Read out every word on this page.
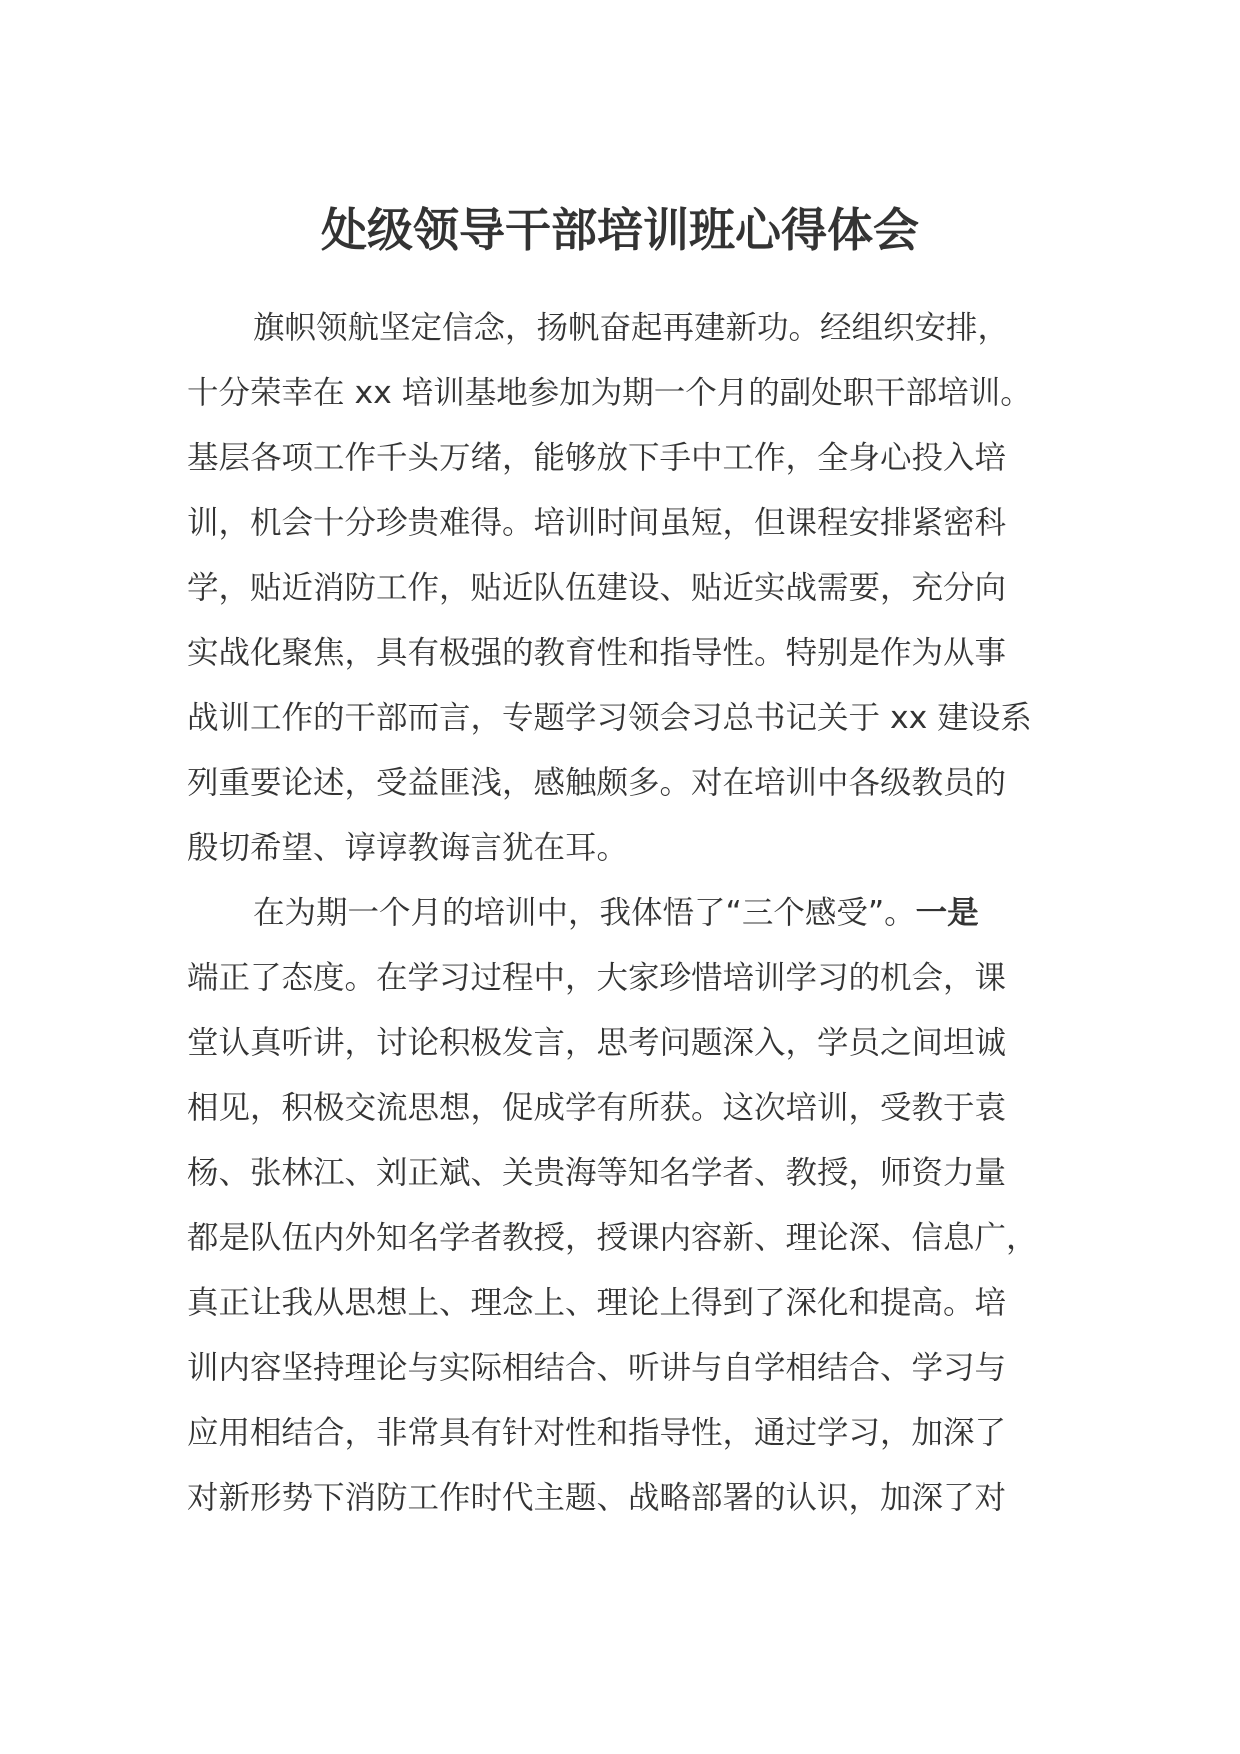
处级领导干部培训班心得体会
旗帜领航坚定信念，扬帆奋起再建新功。经组织安排，
十分荣幸在 xx 培训基地参加为期一个月的副处职干部培训。
基层各项工作千头万绪，能够放下手中工作，全身心投入培
训，机会十分珍贵难得。培训时间虽短，但课程安排紧密科
学，贴近消防工作，贴近队伍建设、贴近实战需要，充分向
实战化聚焦，具有极强的教育性和指导性。特别是作为从事
战训工作的干部而言，专题学习领会习总书记关于 xx 建设系
列重要论述，受益匪浅，感触颇多。对在培训中各级教员的
殷切希望、谆谆教诲言犹在耳。
在为期一个月的培训中，我体悟了“三个感受”。一是
端正了态度。在学习过程中，大家珍惜培训学习的机会，课
堂认真听讲，讨论积极发言，思考问题深入，学员之间坦诚
相见，积极交流思想，促成学有所获。这次培训，受教于袁
杨、张林江、刘正斌、关贵海等知名学者、教授，师资力量
都是队伍内外知名学者教授，授课内容新、理论深、信息广，
真正让我从思想上、理念上、理论上得到了深化和提高。培
训内容坚持理论与实际相结合、听讲与自学相结合、学习与
应用相结合，非常具有针对性和指导性，通过学习，加深了
对新形势下消防工作时代主题、战略部署的认识，加深了对
